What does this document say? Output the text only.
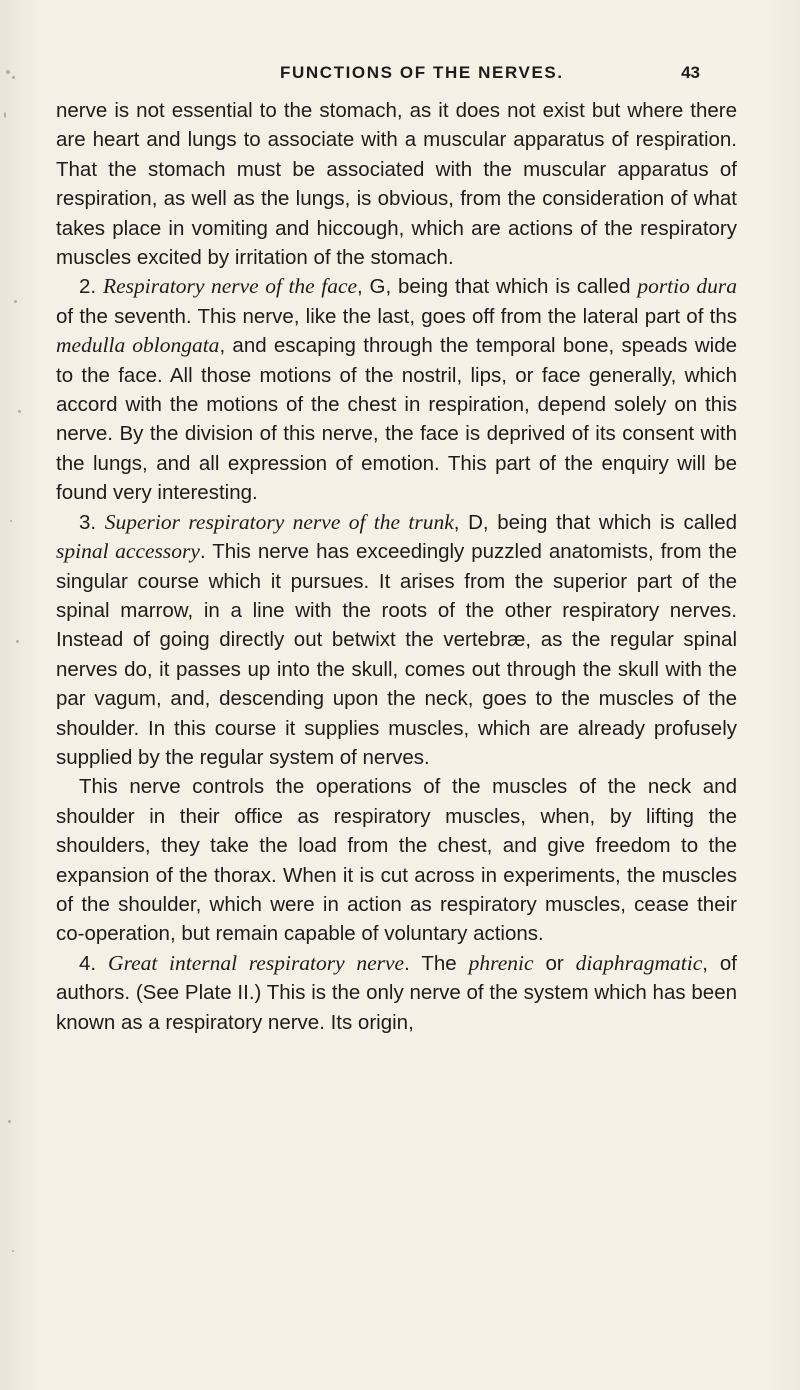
FUNCTIONS OF THE NERVES.	43

nerve is not essential to the stomach, as it does not exist but where there are heart and lungs to associate with a muscular apparatus of respiration. That the stomach must be associated with the muscular apparatus of respiration, as well as the lungs, is obvious, from the consideration of what takes place in vomiting and hiccough, which are actions of the respiratory muscles excited by irritation of the stomach.

2. Respiratory nerve of the face, G, being that which is called portio dura of the seventh. This nerve, like the last, goes off from the lateral part of ths medulla oblongata, and escaping through the temporal bone, speads wide to the face. All those motions of the nostril, lips, or face generally, which accord with the motions of the chest in respiration, depend solely on this nerve. By the division of this nerve, the face is deprived of its consent with the lungs, and all expression of emotion. This part of the enquiry will be found very interesting.

3. Superior respiratory nerve of the trunk, D, being that which is called spinal accessory. This nerve has exceedingly puzzled anatomists, from the singular course which it pursues. It arises from the superior part of the spinal marrow, in a line with the roots of the other respiratory nerves. Instead of going directly out betwixt the vertebræ, as the regular spinal nerves do, it passes up into the skull, comes out through the skull with the par vagum, and, descending upon the neck, goes to the muscles of the shoulder. In this course it supplies muscles, which are already profusely supplied by the regular system of nerves.

This nerve controls the operations of the muscles of the neck and shoulder in their office as respiratory muscles, when, by lifting the shoulders, they take the load from the chest, and give freedom to the expansion of the thorax. When it is cut across in experiments, the muscles of the shoulder, which were in action as respiratory muscles, cease their co-operation, but remain capable of voluntary actions.

4. Great internal respiratory nerve. The phrenic or diaphragmatic, of authors. (See Plate II.) This is the only nerve of the system which has been known as a respiratory nerve. Its origin,
